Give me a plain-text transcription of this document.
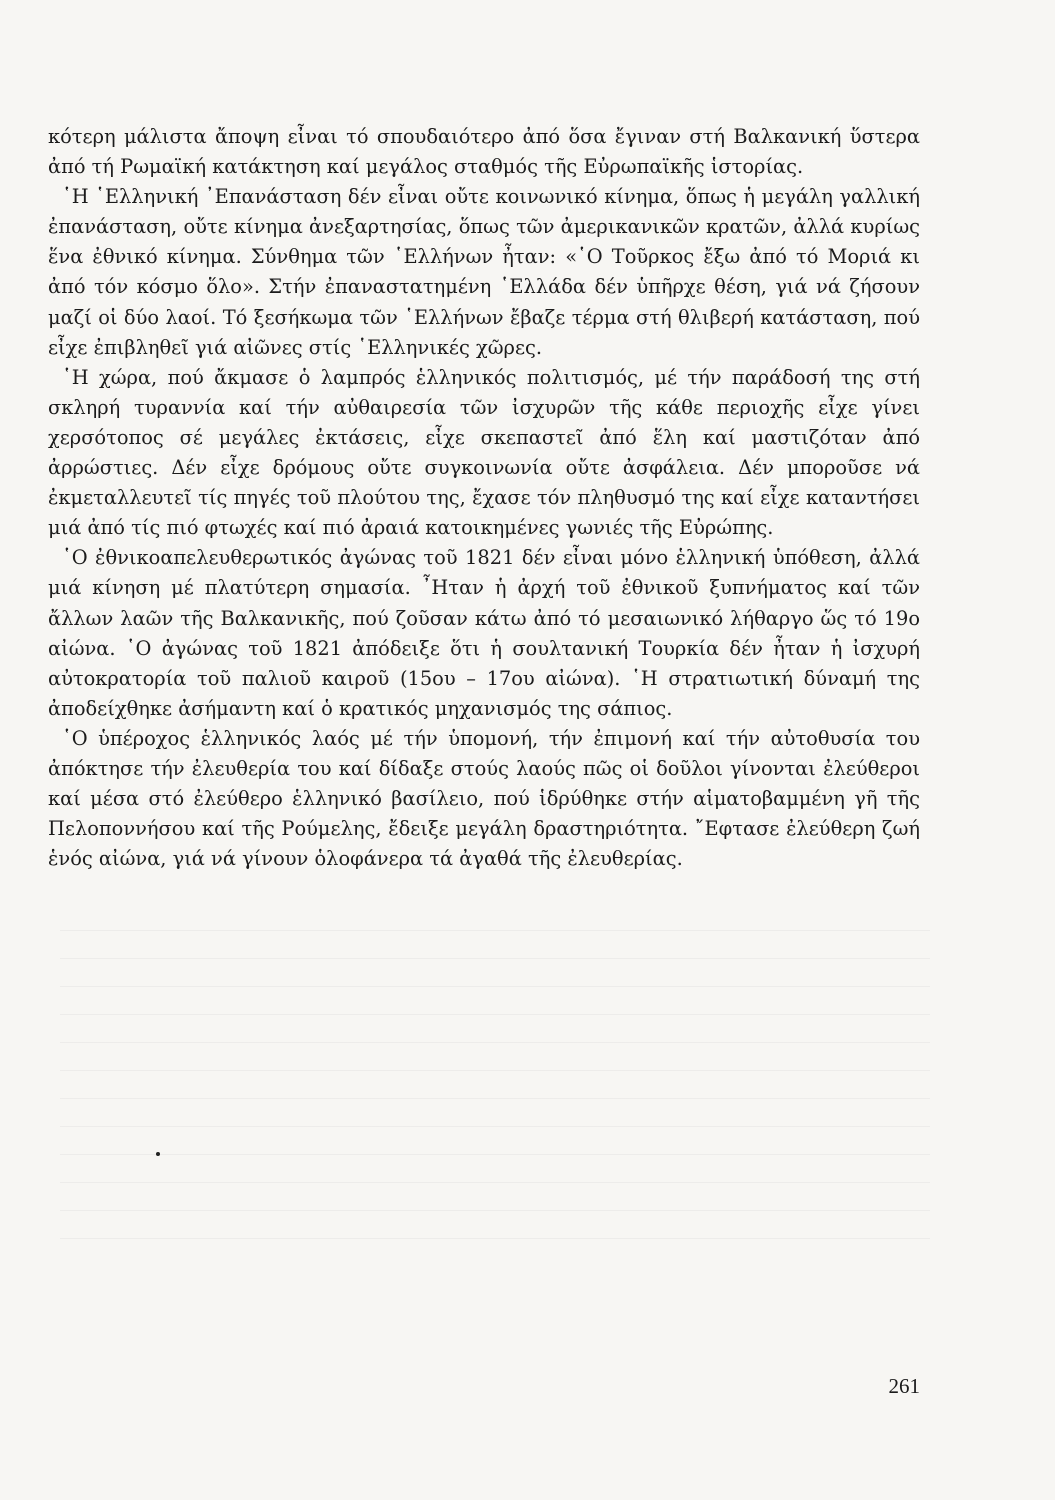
κότερη μάλιστα ἄποψη εἶναι τό σπουδαιότερο ἀπό ὅσα ἔγιναν στή Βαλκανική ὕστερα ἀπό τή Ρωμαϊκή κατάκτηση καί μεγάλος σταθμός τῆς Εὐρωπαϊκῆς ἱστορίας.

῾Η ῾Ελληνική ᾿Επανάσταση δέν εἶναι οὔτε κοινωνικό κίνημα, ὅπως ἡ μεγάλη γαλλική ἐπανάσταση, οὔτε κίνημα ἀνεξαρτησίας, ὅπως τῶν ἀμερικανικῶν κρατῶν, ἀλλά κυρίως ἕνα ἐθνικό κίνημα. Σύνθημα τῶν ῾Ελλήνων ἦταν: «῾Ο Τοῦρκος ἔξω ἀπό τό Μοριά κι ἀπό τόν κόσμο ὅλο». Στήν ἐπαναστατημένη ῾Ελλάδα δέν ὑπῆρχε θέση, γιά νά ζήσουν μαζί οἱ δύο λαοί. Τό ξεσήκωμα τῶν ῾Ελλήνων ἔβαζε τέρμα στή θλιβερή κατάσταση, πού εἶχε ἐπιβληθεῖ γιά αἰῶνες στίς ῾Ελληνικές χῶρες.

῾Η χώρα, πού ἄκμασε ὁ λαμπρός ἑλληνικός πολιτισμός, μέ τήν παράδοσή της στή σκληρή τυραννία καί τήν αὐθαιρεσία τῶν ἰσχυρῶν τῆς κάθε περιοχῆς εἶχε γίνει χερσότοπος σέ μεγάλες ἐκτάσεις, εἶχε σκεπαστεῖ ἀπό ἕλη καί μαστιζόταν ἀπό ἀρρώστιες. Δέν εἶχε δρόμους οὔτε συγκοινωνία οὔτε ἀσφάλεια. Δέν μποροῦσε νά ἐκμεταλλευτεῖ τίς πηγές τοῦ πλούτου της, ἔχασε τόν πληθυσμό της καί εἶχε καταντήσει μιά ἀπό τίς πιό φτωχές καί πιό ἀραιά κατοικημένες γωνιές τῆς Εὐρώπης.

῾Ο ἐθνικοαπελευθερωτικός ἀγώνας τοῦ 1821 δέν εἶναι μόνο ἑλληνική ὑπόθεση, ἀλλά μιά κίνηση μέ πλατύτερη σημασία. ῏Ηταν ἡ ἀρχή τοῦ ἐθνικοῦ ξυπνήματος καί τῶν ἄλλων λαῶν τῆς Βαλκανικῆς, πού ζοῦσαν κάτω ἀπό τό μεσαιωνικό λήθαργο ὥς τό 19ο αἰώνα. ῾Ο ἀγώνας τοῦ 1821 ἀπόδειξε ὅτι ἡ σουλτανική Τουρκία δέν ἦταν ἡ ἰσχυρή αὐτοκρατορία τοῦ παλιοῦ καιροῦ (15ου – 17ου αἰώνα). ῾Η στρατιωτική δύναμή της ἀποδείχθηκε ἀσήμαντη καί ὁ κρατικός μηχανισμός της σάπιος.

῾Ο ὑπέροχος ἑλληνικός λαός μέ τήν ὑπομονή, τήν ἐπιμονή καί τήν αὐτοθυσία του ἀπόκτησε τήν ἐλευθερία του καί δίδαξε στούς λαούς πῶς οἱ δοῦλοι γίνονται ἐλεύθεροι καί μέσα στό ἐλεύθερο ἑλληνικό βασίλειο, πού ἱδρύθηκε στήν αἱματοβαμμένη γῆ τῆς Πελοποννήσου καί τῆς Ρούμελης, ἔδειξε μεγάλη δραστηριότητα. ῎Εφτασε ἐλεύθερη ζωή ἑνός αἰώνα, γιά νά γίνουν ὁλοφάνερα τά ἀγαθά τῆς ἐλευθερίας.

261
